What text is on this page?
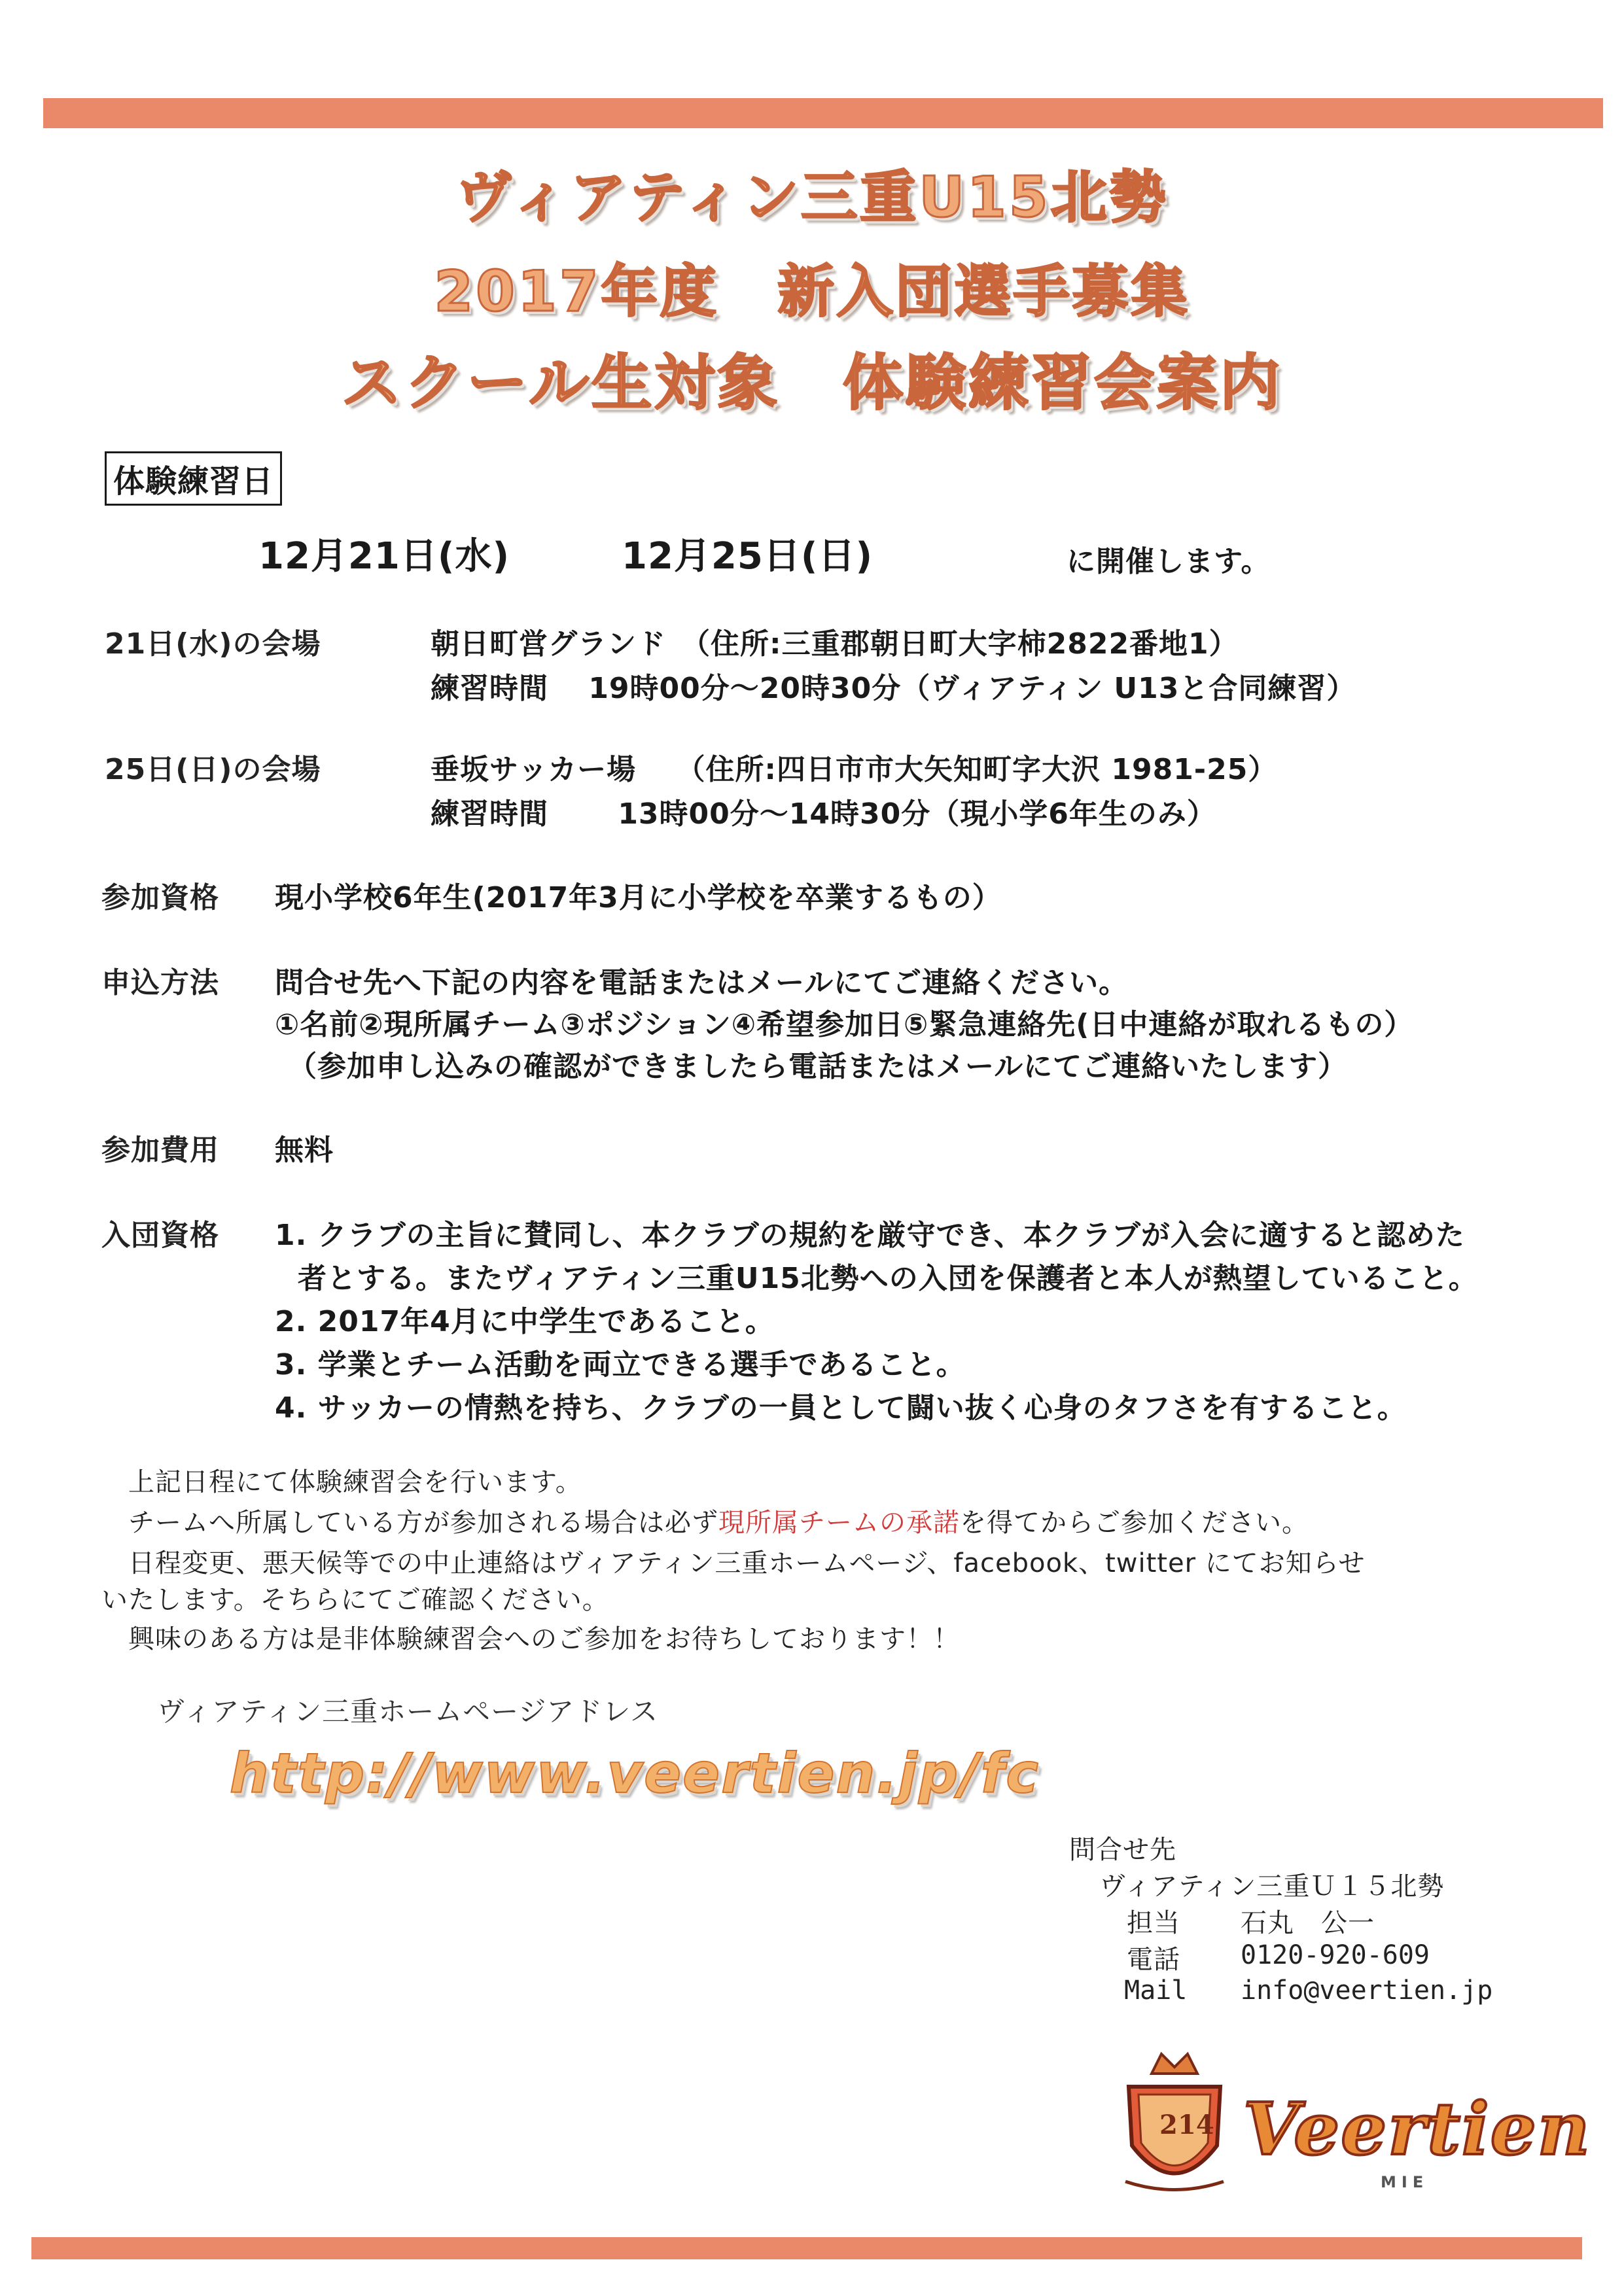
ヴィアティン三重U15北勢
2017年度　新入団選手募集
スクール生対象　体験練習会案内
体験練習日
12月21日(水)	12月25日(日)	に開催します。
21日(水)の会場	朝日町営グランド　（住所:三重郡朝日町大字柿2822番地1）
練習時間　 19時00分～20時30分（ヴィアティン U13と合同練習）
25日(日)の会場	垂坂サッカー場　 （住所:四日市市大矢知町字大沢 1981-25）
練習時間　　 13時00分～14時30分（現小学6年生のみ）
参加資格 現小学校6年生(2017年3月に小学校を卒業するもの）
申込方法 問合せ先へ下記の内容を電話またはメールにてご連絡ください。
①名前②現所属チーム③ポジション④希望参加日⑤緊急連絡先(日中連絡が取れるもの）
（参加申し込みの確認ができましたら電話またはメールにてご連絡いたします）
参加費用 無料
入団資格 1. クラブの主旨に賛同し、本クラブの規約を厳守でき、本クラブが入会に適すると認めた
者とする。またヴィアティン三重U15北勢への入団を保護者と本人が熱望していること。
2. 2017年4月に中学生であること。
3. 学業とチーム活動を両立できる選手であること。
4. サッカーの情熱を持ち、クラブの一員として闘い抜く心身のタフさを有すること。
上記日程にて体験練習会を行います。
チームへ所属している方が参加される場合は必ず現所属チームの承諾を得てからご参加ください。
日程変更、悪天候等での中止連絡はヴィアティン三重ホームページ、facebook、twitter にてお知らせ
いたします。そちらにてご確認ください。
興味のある方は是非体験練習会へのご参加をお待ちしております！！
ヴィアティン三重ホームページアドレス
http://www.veertien.jp/fc
問合せ先
ヴィアティン三重Ｕ１５北勢
担当 石丸　公一
電話 0120-920-609
Mail info@veertien.jp
2 14 Veertien
MIE
